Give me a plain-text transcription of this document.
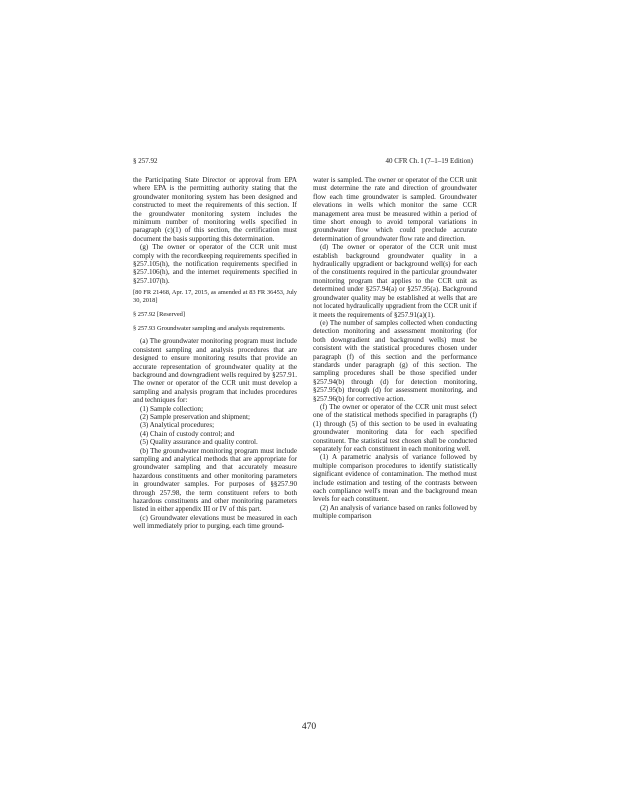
§ 257.92	40 CFR Ch. I (7–1–19 Edition)

the Participating State Director or approval from EPA where EPA is the permitting authority stating that the groundwater monitoring system has been designed and constructed to meet the requirements of this section. If the groundwater monitoring system includes the minimum number of monitoring wells specified in paragraph (c)(1) of this section, the certification must document the basis supporting this determination.

(g) The owner or operator of the CCR unit must comply with the recordkeeping requirements specified in §257.105(h), the notification requirements specified in §257.106(h), and the internet requirements specified in §257.107(h).

[80 FR 21468, Apr. 17, 2015, as amended at 83 FR 36453, July 30, 2018]

§ 257.92 [Reserved]

§ 257.93 Groundwater sampling and analysis requirements.

(a) The groundwater monitoring program must include consistent sampling and analysis procedures that are designed to ensure monitoring results that provide an accurate representation of groundwater quality at the background and downgradient wells required by §257.91. The owner or operator of the CCR unit must develop a sampling and analysis program that includes procedures and techniques for:

(1) Sample collection;

(2) Sample preservation and shipment;

(3) Analytical procedures;

(4) Chain of custody control; and

(5) Quality assurance and quality control.

(b) The groundwater monitoring program must include sampling and analytical methods that are appropriate for groundwater sampling and that accurately measure hazardous constituents and other monitoring parameters in groundwater samples. For purposes of §§257.90 through 257.98, the term constituent refers to both hazardous constituents and other monitoring parameters listed in either appendix III or IV of this part.

(c) Groundwater elevations must be measured in each well immediately prior to purging, each time ground-

water is sampled. The owner or operator of the CCR unit must determine the rate and direction of groundwater flow each time groundwater is sampled. Groundwater elevations in wells which monitor the same CCR management area must be measured within a period of time short enough to avoid temporal variations in groundwater flow which could preclude accurate determination of groundwater flow rate and direction.

(d) The owner or operator of the CCR unit must establish background groundwater quality in a hydraulically upgradient or background well(s) for each of the constituents required in the particular groundwater monitoring program that applies to the CCR unit as determined under §257.94(a) or §257.95(a). Background groundwater quality may be established at wells that are not located hydraulically upgradient from the CCR unit if it meets the requirements of §257.91(a)(1).

(e) The number of samples collected when conducting detection monitoring and assessment monitoring (for both downgradient and background wells) must be consistent with the statistical procedures chosen under paragraph (f) of this section and the performance standards under paragraph (g) of this section. The sampling procedures shall be those specified under §257.94(b) through (d) for detection monitoring, §257.95(b) through (d) for assessment monitoring, and §257.96(b) for corrective action.

(f) The owner or operator of the CCR unit must select one of the statistical methods specified in paragraphs (f)(1) through (5) of this section to be used in evaluating groundwater monitoring data for each specified constituent. The statistical test chosen shall be conducted separately for each constituent in each monitoring well.

(1) A parametric analysis of variance followed by multiple comparison procedures to identify statistically significant evidence of contamination. The method must include estimation and testing of the contrasts between each compliance well's mean and the background mean levels for each constituent.

(2) An analysis of variance based on ranks followed by multiple comparison

470
